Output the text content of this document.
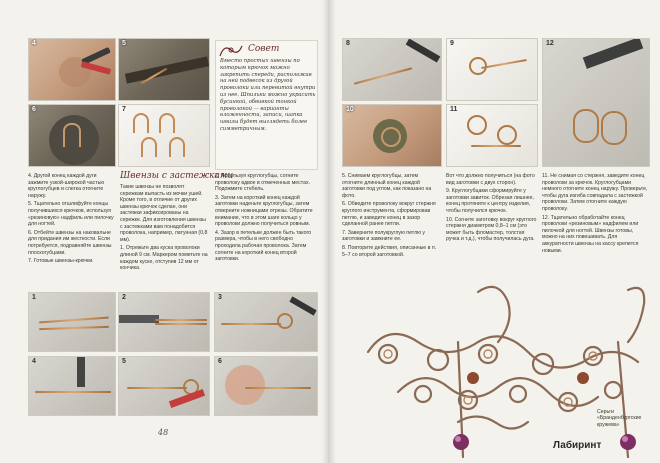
4	5
6	7
Совет
Вместо простых швензы по которым крючок можно закрепить спереди, расположив на ней подвесок из другой проволоки или перевитой внутри из нее. Шпильки можно украсить бусинкой, обвивкой тонкой проволокой — варианты вложенности, записи, шапка швизы будет выглядеть более симметричным.

4. Другой конец каждой дуги зажмите узкой-широкой частью круглогубцев и слегка отогните наружу.

5. Тщательно отшлифуйте концы получившихся крючков, используя «резиновую» надфиль или пилочку для ногтей.

6. Отбейте швензы на наковальне для придания им жесткости. Если потребуется, подравняйте швензы плоскогубцами.

7. Готовые швензы-крючки.

Швензы с застежками

Такие швензы не позволят сережкам выпасть из мочки ушей. Кроме того, в отличие от других швензы крючок сделан, они застежки зафиксированы на сережке. Для изготовления швензы с застежками вам понадобится проволока, например, латунная (0,8 мм).

1. Отрежьте два куска проволоки длиной 9 см. Маркером пометьте на каждом куске, отступив 12 мм от кончика.

2. Используя круглогубцы, согните проволоку вдвое в отмеченных местах. Подожмите стебель.

3. Затем на короткий конец каждой заготовки наденьте круглогубцы, затем отверните ножницами отрезы. Обратите внимание, что в этом шаге кольцо у проволоки должно получиться ровным.

4. Зазор в петельке должен быть такого размера, чтобы в него свободно проходила рабочая проволока. Затем согните на короткий конец второй заготовки.

1	2	3
4	5	6
48
8	9
10	11
12

5. Снимаем круглогубцы, затем отогните длинный конец каждой заготовки под углом, как показано на фото.

6. Обведите проволоку вокруг стержня круглого инструмента, сформировав петлю, и заведите конец в зазор сделанной ранее петли.

7. Заверните полукруглую петлю у заготовки и замкните ее.

8. Повторите действия, описанные в п. 5–7 со второй заготовкой.

Вот что должно получиться (на фото вид заготовки с двух сторон).

9. Круглогубцами сформируйте у заготовки завиток. Обрезая лишнее, конец протяните к центру изделия, чтобы получился крючок.

10. Согните заготовку вокруг круглого стержня диаметром 0,8–1 см (это может быть фломастер, толстая ручка и т.д.), чтобы получилась дуга.

11. Не снимая со стержня, заведите конец проволоки за крючок. Круглогубцами немного отогните конец наружу. Проверьте, чтобы дуга изгиба совпадала с застежкой проволоки. Затем отогните каждую проволоку.

12. Тщательно обработайте конец проволоки «резиновым» надфилем или пилочкой для ногтей. Швензы готовы, можно на них повешивать. Для аккуратности швензы на кассу крепится новыми.

Серьги «Бранденбургские кружева»
Лабиринт
